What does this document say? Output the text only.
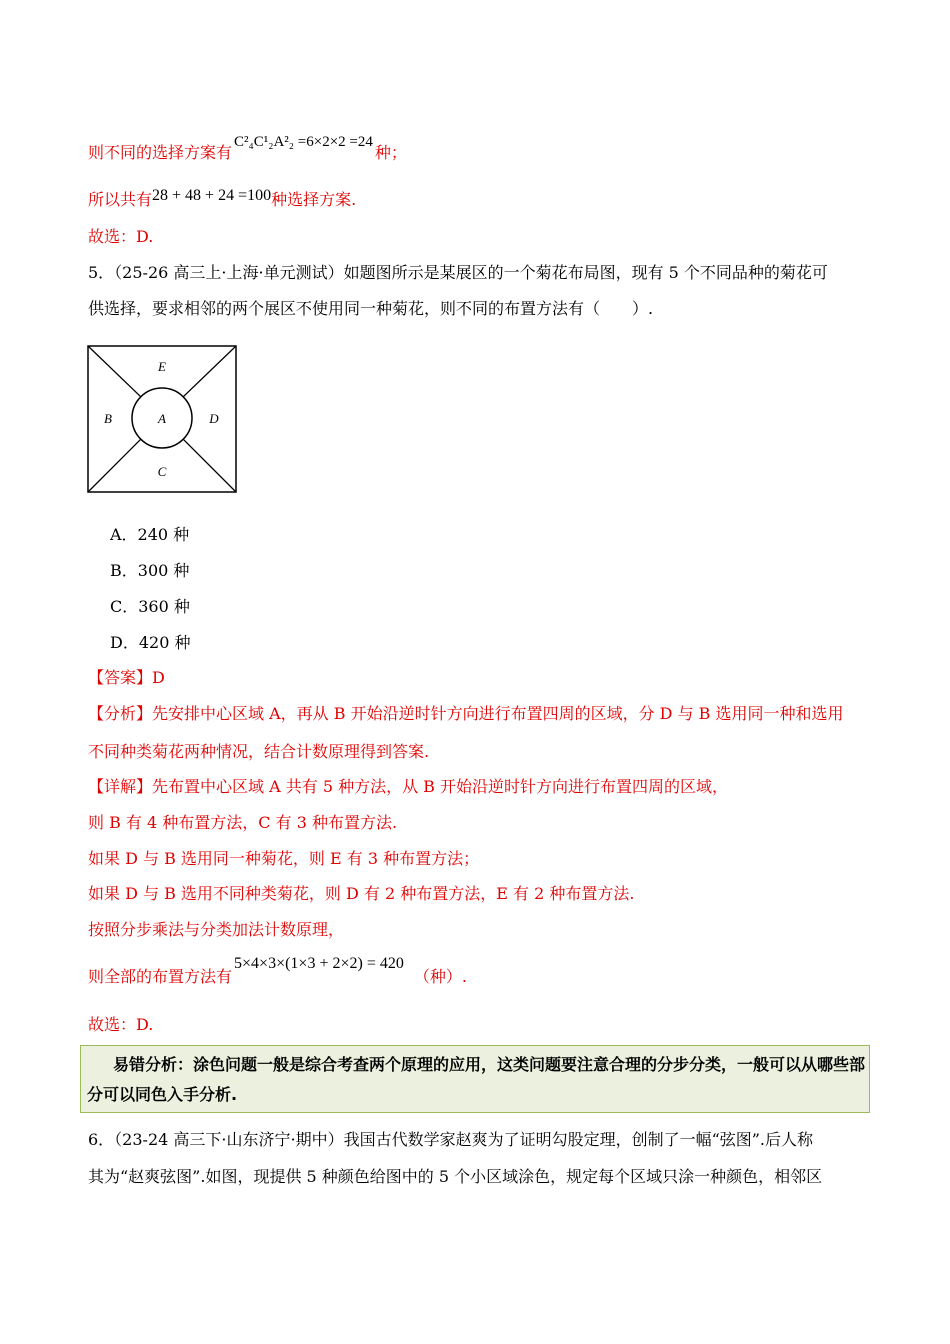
则不同的选择方案有C²₄C¹₂A²₂ =6×2×2 =24种；
所以共有28 + 48 + 24 =100种选择方案.
故选：D.
5．（25-26 高三上·上海·单元测试）如题图所示是某展区的一个菊花布局图，现有 5 个不同品种的菊花可
供选择，要求相邻的两个展区不使用同一种菊花，则不同的布置方法有（　　）.
E
B	A	D
C
A．240 种
B．300 种
C．360 种
D．420 种
【答案】D
【分析】先安排中心区域 A，再从 B 开始沿逆时针方向进行布置四周的区域，分 D 与 B 选用同一种和选用
不同种类菊花两种情况，结合计数原理得到答案.
【详解】先布置中心区域 A 共有 5 种方法，从 B 开始沿逆时针方向进行布置四周的区域，
则 B 有 4 种布置方法，C 有 3 种布置方法.
如果 D 与 B 选用同一种菊花，则 E 有 3 种布置方法；
如果 D 与 B 选用不同种类菊花，则 D 有 2 种布置方法，E 有 2 种布置方法.
按照分步乘法与分类加法计数原理，
则全部的布置方法有5×4×3×(1×3 + 2×2) = 420（种）.
故选：D.
易错分析：涂色问题一般是综合考查两个原理的应用，这类问题要注意合理的分步分类，一般可以从哪些部分可以同色入手分析.
6．（23-24 高三下·山东济宁·期中）我国古代数学家赵爽为了证明勾股定理，创制了一幅“弦图”.后人称
其为“赵爽弦图”.如图，现提供 5 种颜色给图中的 5 个小区域涂色，规定每个区域只涂一种颜色，相邻区
